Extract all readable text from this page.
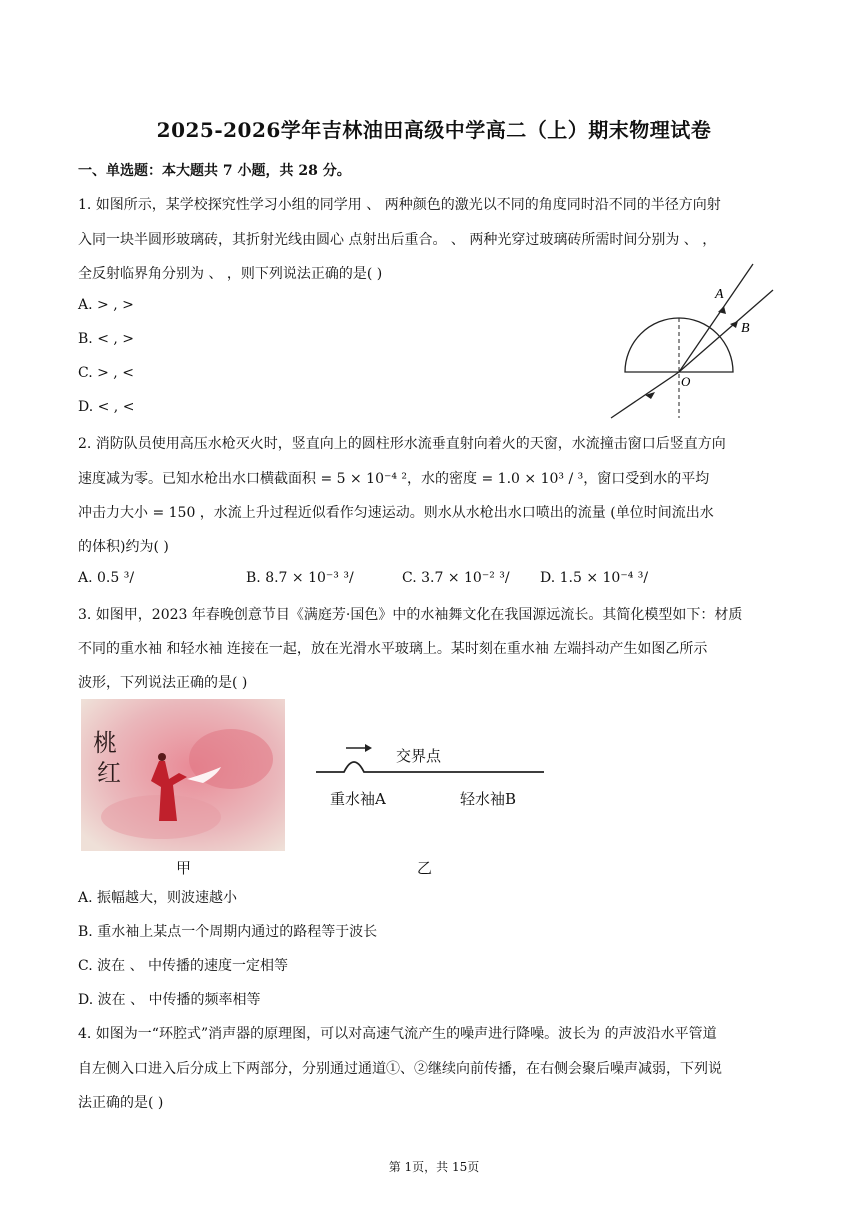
2025-2026学年吉林油田高级中学高二（上）期末物理试卷
一、单选题：本大题共 7 小题，共 28 分。
1. 如图所示，某学校探究性学习小组的同学用 、 两种颜色的激光以不同的角度同时沿不同的半径方向射
入同一块半圆形玻璃砖，其折射光线由圆心 点射出后重合。 、 两种光穿过玻璃砖所需时间分别为 、 ，
全反射临界角分别为 、 ，则下列说法正确的是( )
A. > , >
B. < , >
C. > , <
D. < , <
A
B
O
2. 消防队员使用高压水枪灭火时，竖直向上的圆柱形水流垂直射向着火的天窗，水流撞击窗口后竖直方向
速度减为零。已知水枪出水口横截面积 = 5 × 10⁻⁴ ²，水的密度 = 1.0 × 10³ / ³，窗口受到水的平均
冲击力大小 = 150 ，水流上升过程近似看作匀速运动。则水从水枪出水口喷出的流量 (单位时间流出水
的体积)约为( )
A. 0.5 ³/	B. 8.7 × 10⁻³ ³/	C. 3.7 × 10⁻² ³/ D. 1.5 × 10⁻⁴ ³/
3. 如图甲，2023 年春晚创意节目《满庭芳·国色》中的水袖舞文化在我国源远流长。其简化模型如下：材质
不同的重水袖 和轻水袖 连接在一起，放在光滑水平玻璃上。某时刻在重水袖 左端抖动产生如图乙所示
波形，下列说法正确的是( )
桃
红
甲
交界点
重水袖A	轻水袖B
乙
A. 振幅越大，则波速越小
B. 重水袖上某点一个周期内通过的路程等于波长
C. 波在 、 中传播的速度一定相等
D. 波在 、 中传播的频率相等
4. 如图为一“环腔式”消声器的原理图，可以对高速气流产生的噪声进行降噪。波长为 的声波沿水平管道
自左侧入口进入后分成上下两部分，分别通过通道①、②继续向前传播，在右侧会聚后噪声减弱，下列说
法正确的是( )
第 1页，共 15页
